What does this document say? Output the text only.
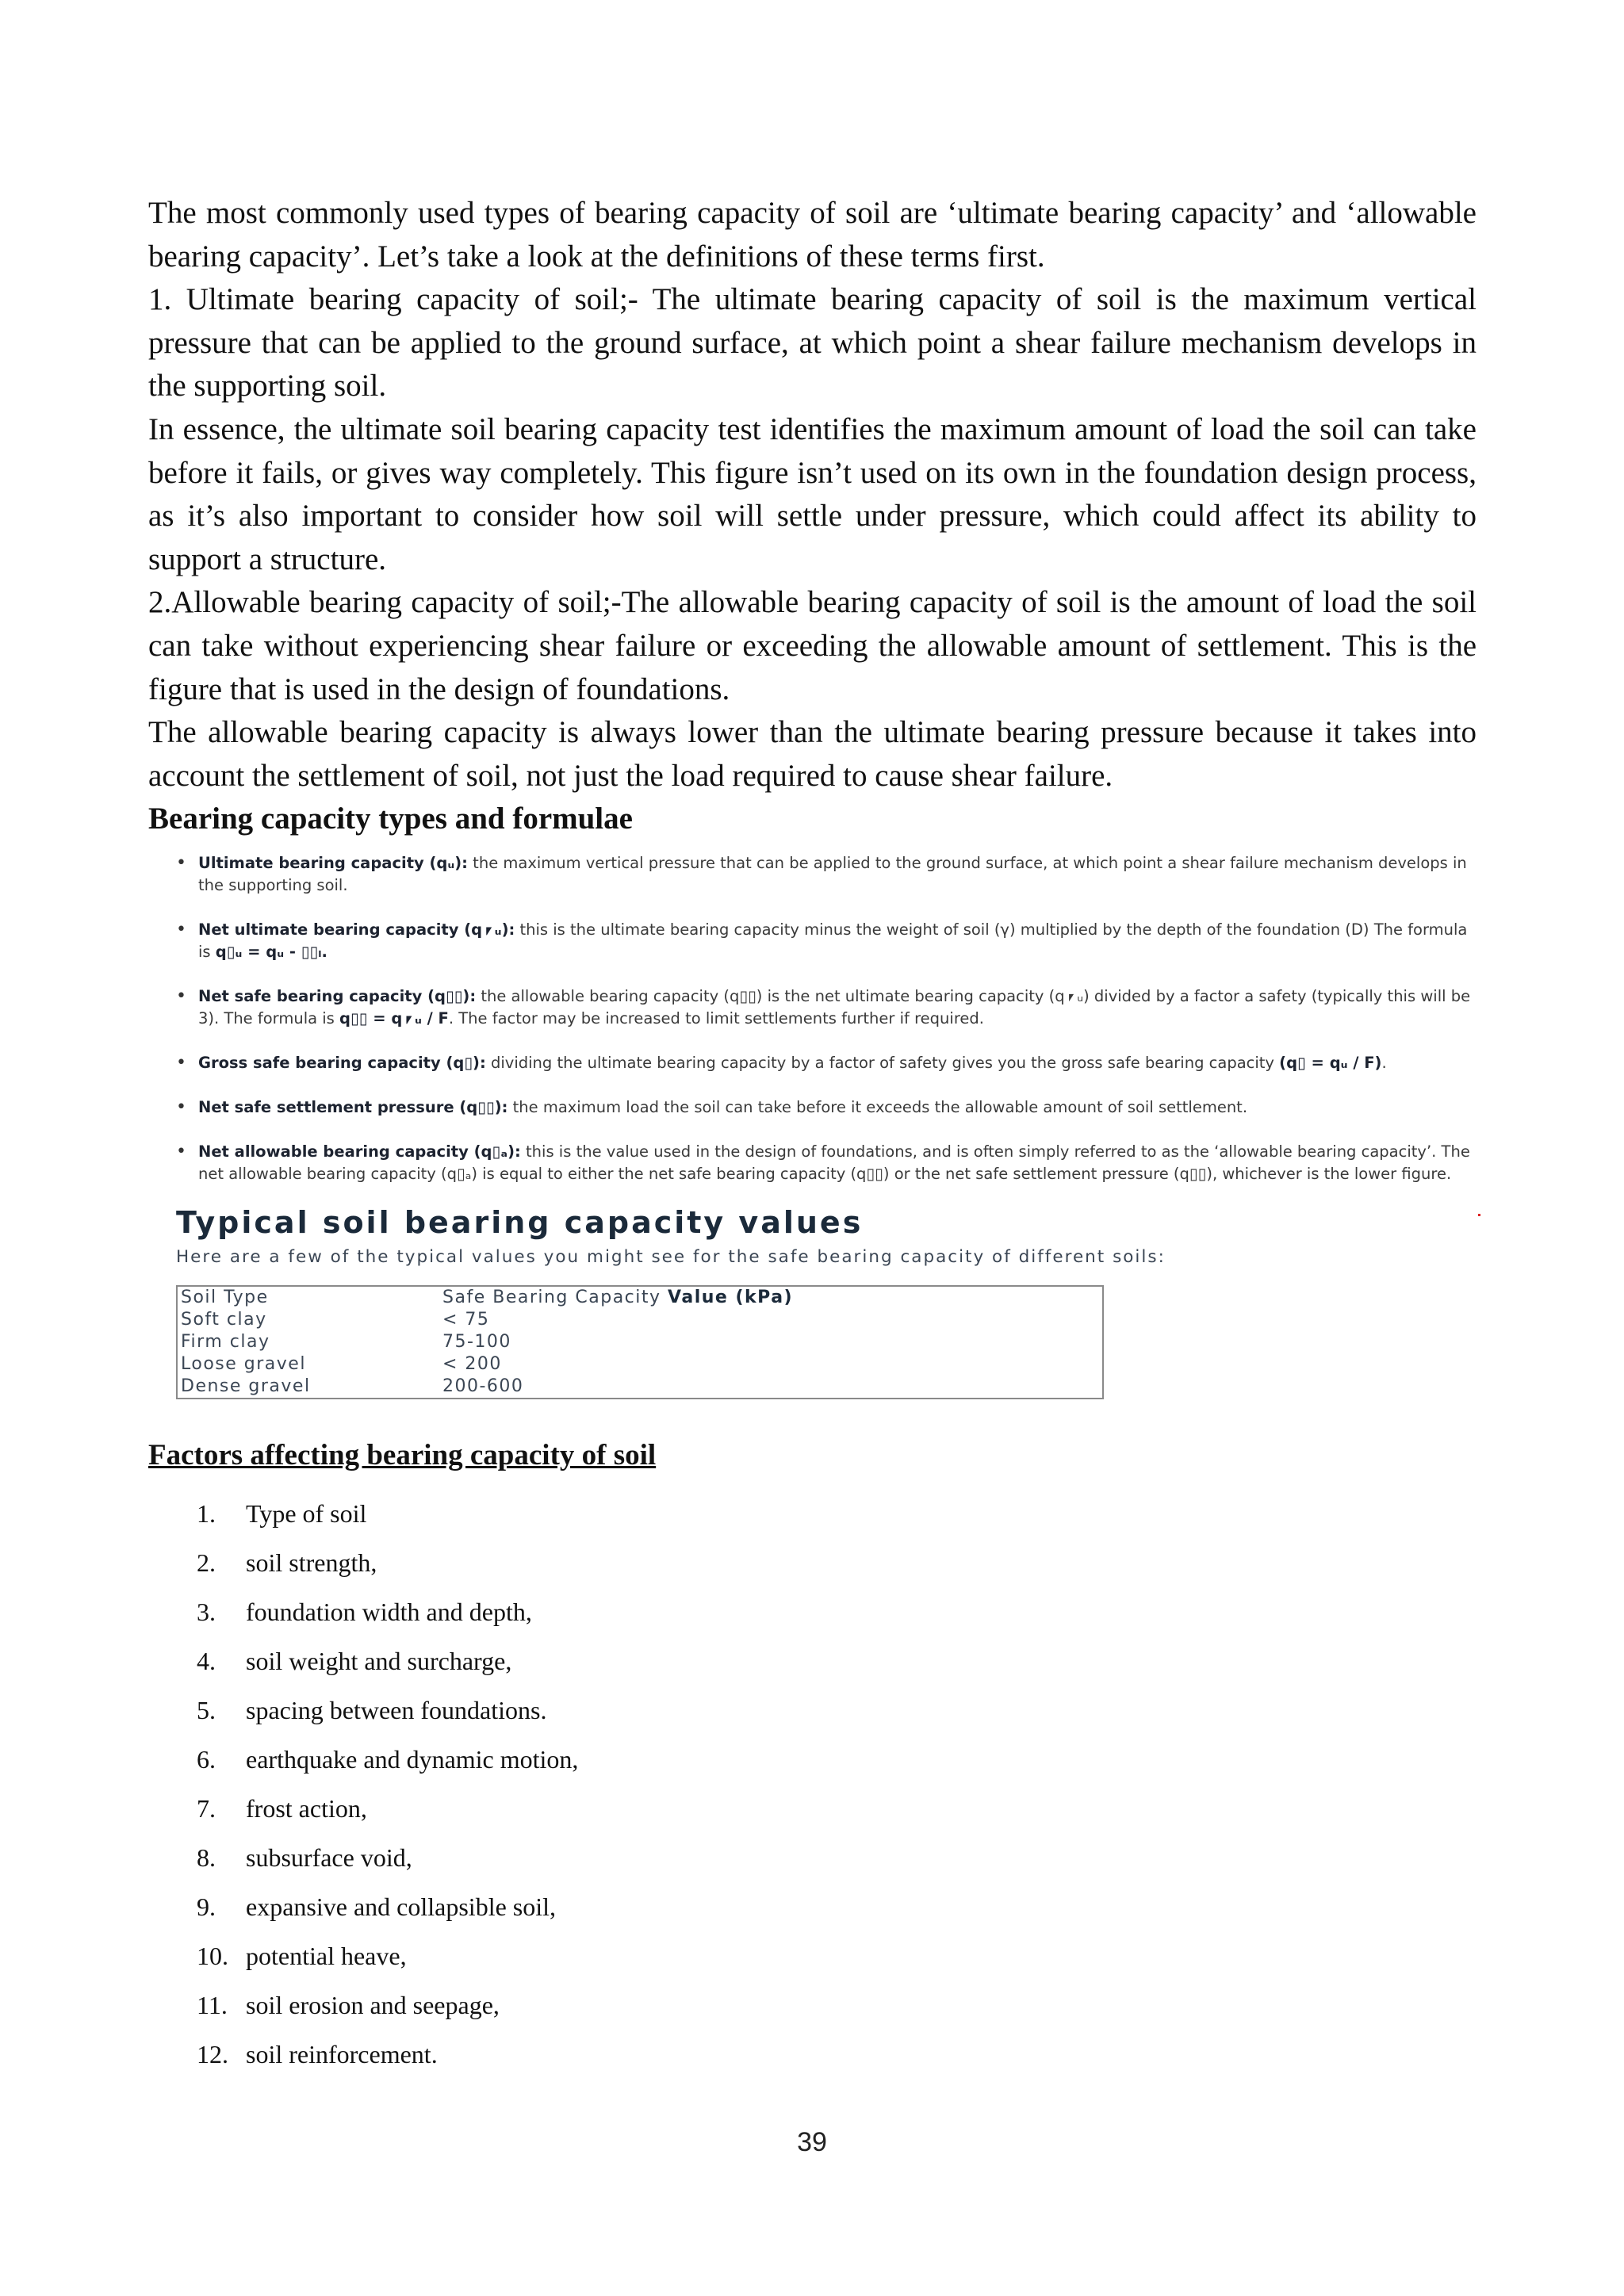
The most commonly used types of bearing capacity of soil are ‘ultimate bearing capacity’ and ‘allowable bearing capacity’. Let’s take a look at the definitions of these terms first.

1. Ultimate bearing capacity of soil;- The ultimate bearing capacity of soil is the maximum vertical pressure that can be applied to the ground surface, at which point a shear failure mechanism develops in the supporting soil.

In essence, the ultimate soil bearing capacity test identifies the maximum amount of load the soil can take before it fails, or gives way completely. This figure isn’t used on its own in the foundation design process, as it’s also important to consider how soil will settle under pressure, which could affect its ability to support a structure.

2.Allowable bearing capacity of soil;-The allowable bearing capacity of soil is the amount of load the soil can take without experiencing shear failure or exceeding the allowable amount of settlement. This is the figure that is used in the design of foundations.

The allowable bearing capacity is always lower than the ultimate bearing pressure because it takes into account the settlement of soil, not just the load required to cause shear failure.

Bearing capacity types and formulae

• Ultimate bearing capacity (qᵤ): the maximum vertical pressure that can be applied to the ground surface, at which point a shear failure mechanism develops in the supporting soil.
• Net ultimate bearing capacity (q⎖ᵤ): this is the ultimate bearing capacity minus the weight of soil (γ) multiplied by the depth of the foundation (D) The formula is q▯ᵤ = qᵤ - ▯▯ₗ.
• Net safe bearing capacity (q▯▯): the allowable bearing capacity (q▯▯) is the net ultimate bearing capacity (q⎖ᵤ) divided by a factor a safety (typically this will be 3). The formula is q▯▯ = q⎖ᵤ / F. The factor may be increased to limit settlements further if required.
• Gross safe bearing capacity (q▯): dividing the ultimate bearing capacity by a factor of safety gives you the gross safe bearing capacity (q▯ = qᵤ / F).
• Net safe settlement pressure (q▯▯): the maximum load the soil can take before it exceeds the allowable amount of soil settlement.
• Net allowable bearing capacity (q▯ₐ): this is the value used in the design of foundations, and is often simply referred to as the ‘allowable bearing capacity’. The net allowable bearing capacity (q▯ₐ) is equal to either the net safe bearing capacity (q▯▯) or the net safe settlement pressure (q▯▯), whichever is the lower figure.
Typical soil bearing capacity values
Here are a few of the typical values you might see for the safe bearing capacity of different soils:
Soil Type	Safe Bearing Capacity Value (kPa)
Soft clay	< 75
Firm clay	75-100
Loose gravel	< 200
Dense gravel	200-600
Factors affecting bearing capacity of soil
1.	Type of soil
2.	soil strength,
3.	foundation width and depth,
4.	soil weight and surcharge,
5.	spacing between foundations.
6.	earthquake and dynamic motion,
7.	frost action,
8.	subsurface void,
9.	expansive and collapsible soil,
10. potential heave,
11. soil erosion and seepage,
12. soil reinforcement.
39
